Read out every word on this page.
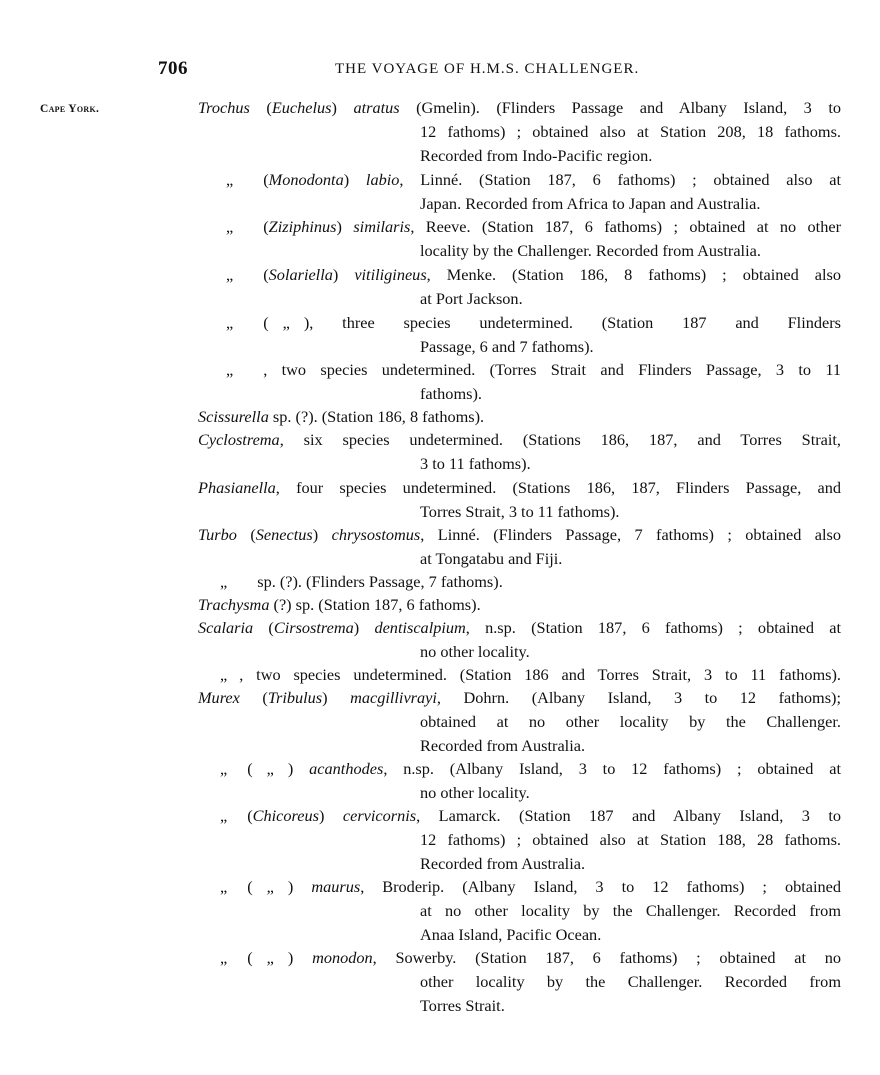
706	THE VOYAGE OF H.M.S. CHALLENGER.
Cape York.	Trochus (Euchelus) atratus (Gmelin). (Flinders Passage and Albany Island, 3 to
12 fathoms) ; obtained also at Station 208, 18 fathoms.
Recorded from Indo-Pacific region.
„ (Monodonta) labio, Linné. (Station 187, 6 fathoms) ; obtained also at
Japan. Recorded from Africa to Japan and Australia.
„ (Ziziphinus) similaris, Reeve. (Station 187, 6 fathoms) ; obtained at no other
locality by the Challenger. Recorded from Australia.
„ (Solariella) vitiligineus, Menke. (Station 186, 8 fathoms) ; obtained also
at Port Jackson.
„ ( „ ), three species undetermined. (Station 187 and Flinders
Passage, 6 and 7 fathoms).
„ , two species undetermined. (Torres Strait and Flinders Passage, 3 to 11
fathoms).
Scissurella sp. (?). (Station 186, 8 fathoms).
Cyclostrema, six species undetermined. (Stations 186, 187, and Torres Strait,
3 to 11 fathoms).
Phasianella, four species undetermined. (Stations 186, 187, Flinders Passage, and
Torres Strait, 3 to 11 fathoms).
Turbo (Senectus) chrysostomus, Linné. (Flinders Passage, 7 fathoms) ; obtained also
at Tongatabu and Fiji.
„ sp. (?). (Flinders Passage, 7 fathoms).
Trachysma (?) sp. (Station 187, 6 fathoms).
Scalaria (Cirsostrema) dentiscalpium, n.sp. (Station 187, 6 fathoms) ; obtained at
no other locality.
„ , two species undetermined. (Station 186 and Torres Strait, 3 to 11 fathoms).
Murex (Tribulus) macgillivrayi, Dohrn. (Albany Island, 3 to 12 fathoms);
obtained at no other locality by the Challenger.
Recorded from Australia.
„ ( „ ) acanthodes, n.sp. (Albany Island, 3 to 12 fathoms) ; obtained at
no other locality.
„ (Chicoreus) cervicornis, Lamarck. (Station 187 and Albany Island, 3 to
12 fathoms) ; obtained also at Station 188, 28 fathoms.
Recorded from Australia.
„ ( „ ) maurus, Broderip. (Albany Island, 3 to 12 fathoms) ; obtained
at no other locality by the Challenger. Recorded from
Anaa Island, Pacific Ocean.
„ ( „ ) monodon, Sowerby. (Station 187, 6 fathoms) ; obtained at no
other locality by the Challenger. Recorded from
Torres Strait.
